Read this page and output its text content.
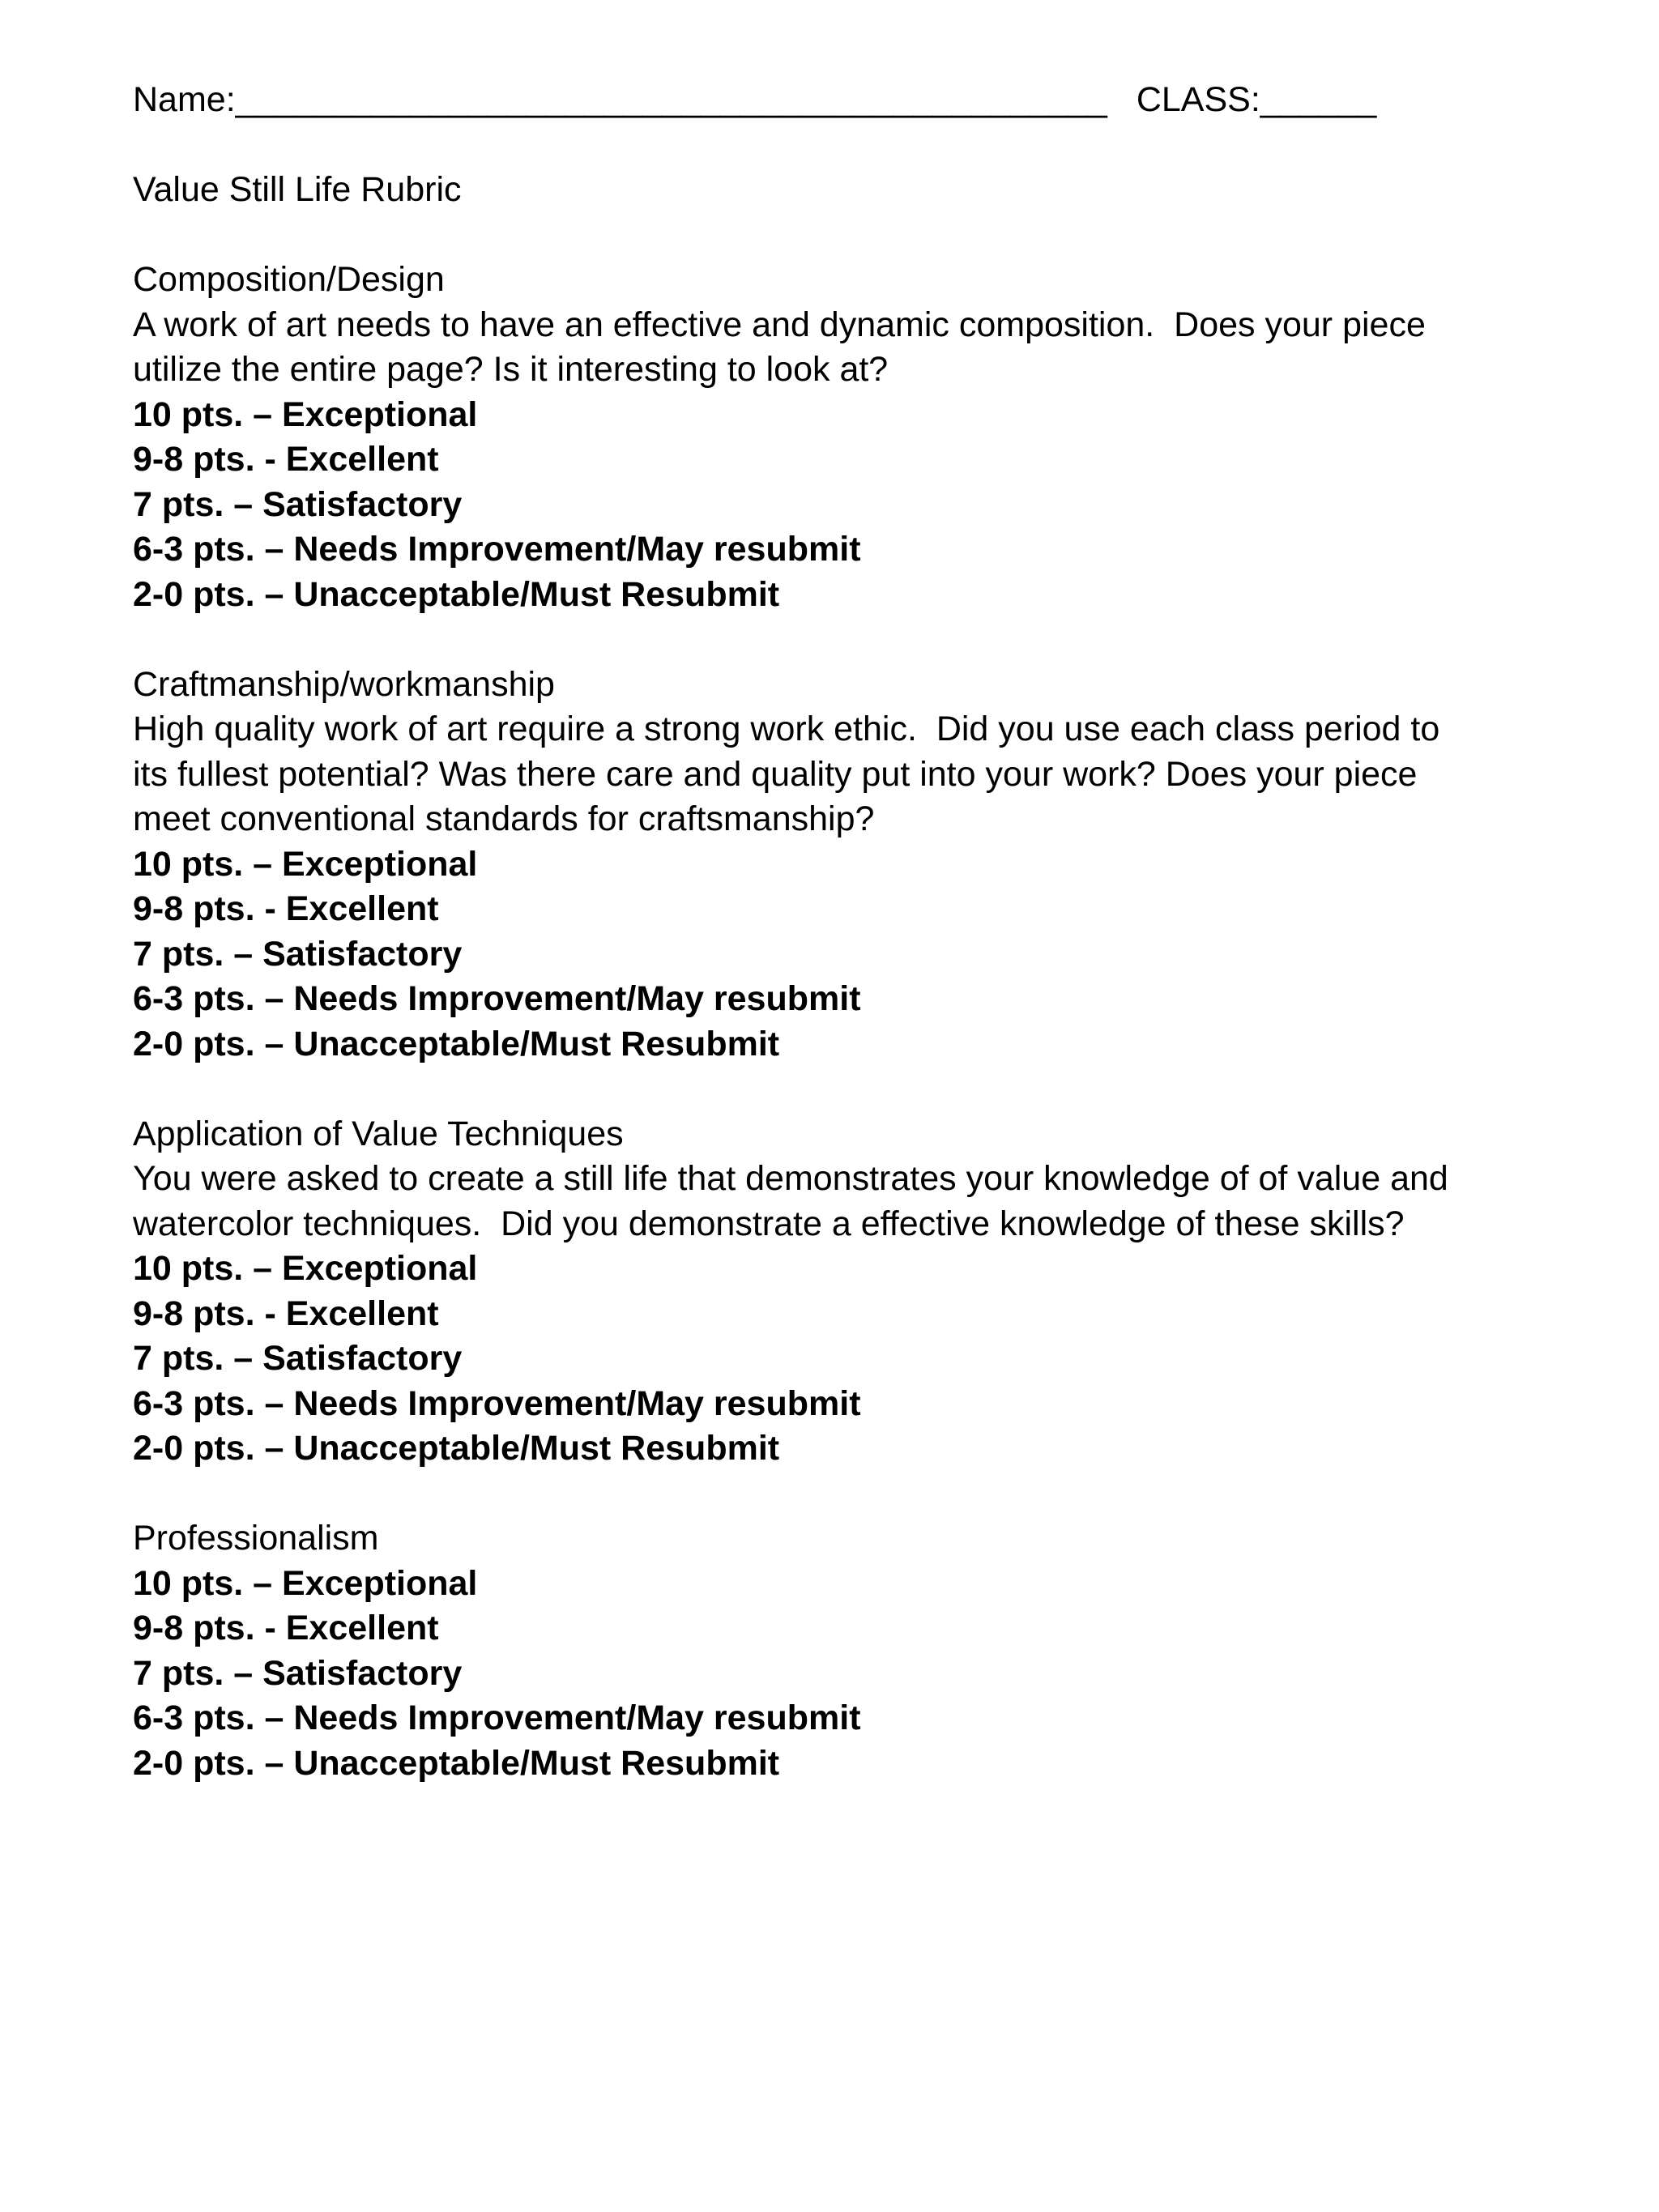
Name:_____________________________________________ CLASS:______
Value Still Life Rubric
Composition/Design
A work of art needs to have an effective and dynamic composition.  Does your piece
utilize the entire page? Is it interesting to look at?
10 pts. – Exceptional
9-8 pts. - Excellent
7 pts. – Satisfactory
6-3 pts. – Needs Improvement/May resubmit
2-0 pts. – Unacceptable/Must Resubmit
Craftmanship/workmanship
High quality work of art require a strong work ethic.  Did you use each class period to
its fullest potential? Was there care and quality put into your work? Does your piece
meet conventional standards for craftsmanship?
10 pts. – Exceptional
9-8 pts. - Excellent
7 pts. – Satisfactory
6-3 pts. – Needs Improvement/May resubmit
2-0 pts. – Unacceptable/Must Resubmit
Application of Value Techniques
You were asked to create a still life that demonstrates your knowledge of of value and
watercolor techniques.  Did you demonstrate a effective knowledge of these skills?
10 pts. – Exceptional
9-8 pts. - Excellent
7 pts. – Satisfactory
6-3 pts. – Needs Improvement/May resubmit
2-0 pts. – Unacceptable/Must Resubmit
Professionalism
10 pts. – Exceptional
9-8 pts. - Excellent
7 pts. – Satisfactory
6-3 pts. – Needs Improvement/May resubmit
2-0 pts. – Unacceptable/Must Resubmit
